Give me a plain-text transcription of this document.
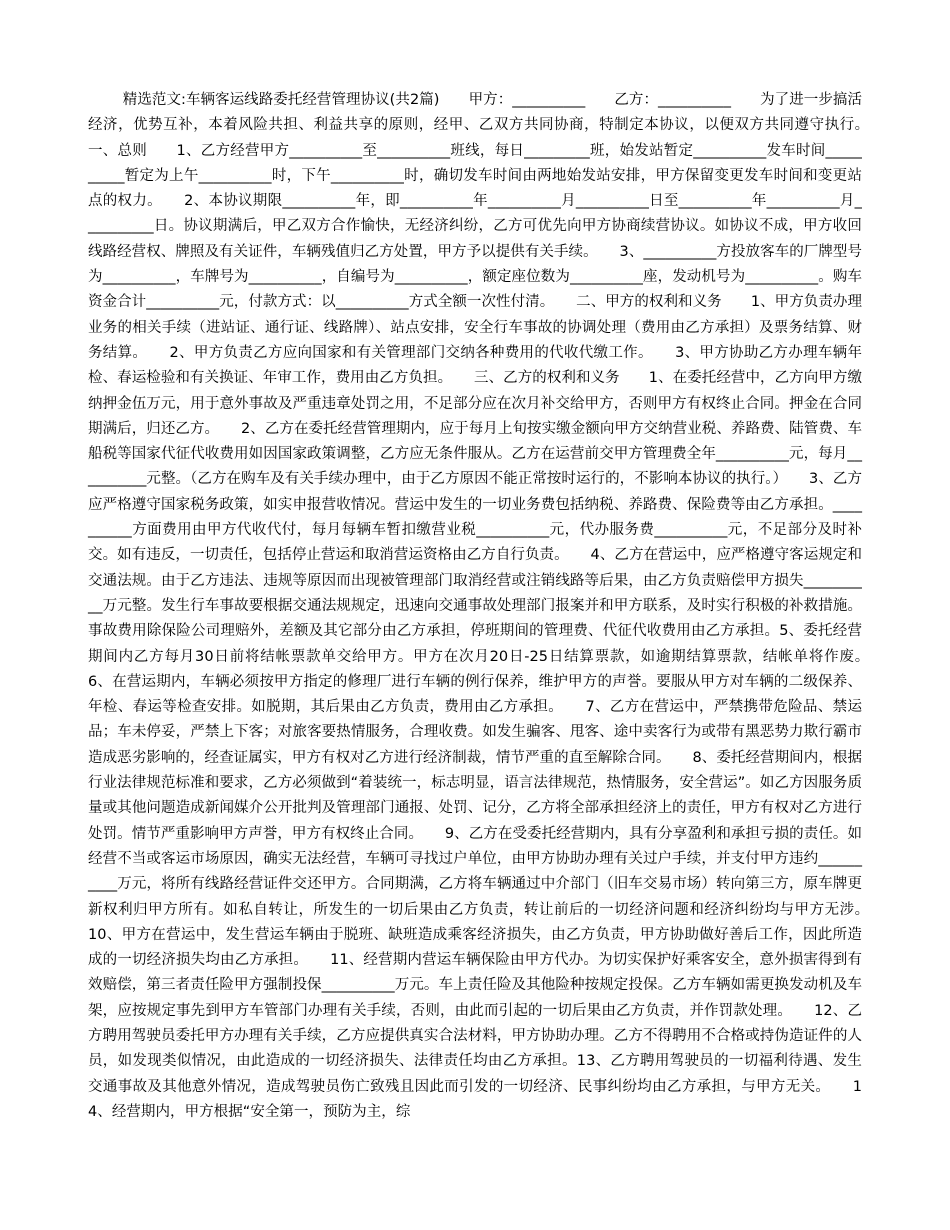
精选范文:车辆客运线路委托经营管理协议(共2篇)　　甲方：__________　　乙方：__________　　为了进一步搞活经济，优势互补，本着风险共担、利益共享的原则，经甲、乙双方共同协商，特制定本协议，以便双方共同遵守执行。　　一、总则　　1、乙方经营甲方__________至__________班线，每日_________班，始发站暂定__________发车时间__________暂定为上午__________时，下午__________时，确切发车时间由两地始发站安排，甲方保留变更发车时间和变更站点的权力。　　2、本协议期限__________年，即__________年__________月__________日至__________年__________月__________日。协议期满后，甲乙双方合作愉快，无经济纠纷，乙方可优先向甲方协商续营协议。如协议不成，甲方收回线路经营权、牌照及有关证件，车辆残值归乙方处置，甲方予以提供有关手续。　　3、__________方投放客车的厂牌型号为__________，车牌号为__________，自编号为__________，额定座位数为__________座，发动机号为__________。购车资金合计__________元，付款方式：以__________方式全额一次性付清。　　二、甲方的权利和义务　　1、甲方负责办理业务的相关手续（进站证、通行证、线路牌）、站点安排，安全行车事故的协调处理（费用由乙方承担）及票务结算、财务结算。　　2、甲方负责乙方应向国家和有关管理部门交纳各种费用的代收代缴工作。　　3、甲方协助乙方办理车辆年检、春运检验和有关换证、年审工作，费用由乙方负担。　　三、乙方的权利和义务　　1、在委托经营中，乙方向甲方缴纳押金伍万元，用于意外事故及严重违章处罚之用，不足部分应在次月补交给甲方，否则甲方有权终止合同。押金在合同期满后，归还乙方。　　2、乙方在委托经营管理期内，应于每月上旬按实缴金额向甲方交纳营业税、养路费、陆管费、车船税等国家代征代收费用如因国家政策调整，乙方应无条件服从。乙方在运营前交甲方管理费全年__________元，每月__________元整。（乙方在购车及有关手续办理中，由于乙方原因不能正常按时运行的，不影响本协议的执行。）　　3、乙方应严格遵守国家税务政策，如实申报营收情况。营运中发生的一切业务费包括纳税、养路费、保险费等由乙方承担。__________方面费用由甲方代收代付，每月每辆车暂扣缴营业税__________元，代办服务费__________元，不足部分及时补交。如有违反，一切责任，包括停止营运和取消营运资格由乙方自行负责。　　4、乙方在营运中，应严格遵守客运规定和交通法规。由于乙方违法、违规等原因而出现被管理部门取消经营或注销线路等后果，由乙方负责赔偿甲方损失__________万元整。发生行车事故要根据交通法规规定，迅速向交通事故处理部门报案并和甲方联系，及时实行积极的补救措施。事故费用除保险公司理赔外，差额及其它部分由乙方承担，停班期间的管理费、代征代收费用由乙方承担。5、委托经营期间内乙方每月30日前将结帐票款单交给甲方。甲方在次月20日-25日结算票款，如逾期结算票款，结帐单将作废。　　6、在营运期内，车辆必须按甲方指定的修理厂进行车辆的例行保养，维护甲方的声誉。要服从甲方对车辆的二级保养、年检、春运等检查安排。如脱期，其后果由乙方负责，费用由乙方承担。　　7、乙方在营运中，严禁携带危险品、禁运品；车未停妥，严禁上下客；对旅客要热情服务，合理收费。如发生骗客、甩客、途中卖客行为或带有黑恶势力欺行霸市造成恶劣影响的，经查证属实，甲方有权对乙方进行经济制裁，情节严重的直至解除合同。　　8、委托经营期间内，根据行业法律规范标准和要求，乙方必须做到“着装统一，标志明显，语言法律规范，热情服务，安全营运”。如乙方因服务质量或其他问题造成新闻媒介公开批判及管理部门通报、处罚、记分，乙方将全部承担经济上的责任，甲方有权对乙方进行处罚。情节严重影响甲方声誉，甲方有权终止合同。　　9、乙方在受委托经营期内，具有分享盈利和承担亏损的责任。如经营不当或客运市场原因，确实无法经营，车辆可寻找过户单位，由甲方协助办理有关过户手续，并支付甲方违约__________万元，将所有线路经营证件交还甲方。合同期满，乙方将车辆通过中介部门（旧车交易市场）转向第三方，原车牌更新权利归甲方所有。如私自转让，所发生的一切后果由乙方负责，转让前后的一切经济问题和经济纠纷均与甲方无涉。　　10、甲方在营运中，发生营运车辆由于脱班、缺班造成乘客经济损失，由乙方负责，甲方协助做好善后工作，因此所造成的一切经济损失均由乙方承担。　　11、经营期内营运车辆保险由甲方代办。为切实保护好乘客安全，意外损害得到有效赔偿，第三者责任险甲方强制投保__________万元。车上责任险及其他险种按规定投保。乙方车辆如需更换发动机及车架，应按规定事先到甲方车管部门办理有关手续，否则，由此而引起的一切后果由乙方负责，并作罚款处理。　　12、乙方聘用驾驶员委托甲方办理有关手续，乙方应提供真实合法材料，甲方协助办理。乙方不得聘用不合格或持伪造证件的人员，如发现类似情况，由此造成的一切经济损失、法律责任均由乙方承担。13、乙方聘用驾驶员的一切福利待遇、发生交通事故及其他意外情况，造成驾驶员伤亡致残且因此而引发的一切经济、民事纠纷均由乙方承担，与甲方无关。　　14、经营期内，甲方根据“安全第一，预防为主，综
